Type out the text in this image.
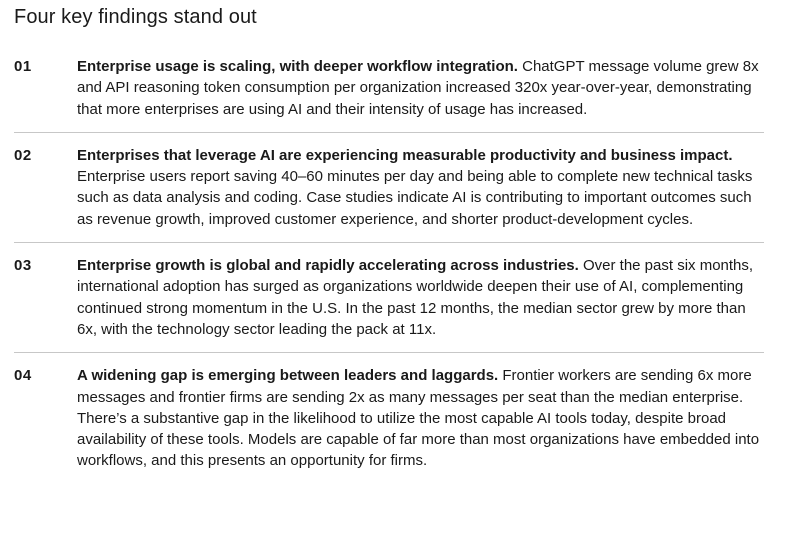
Four key findings stand out
01	Enterprise usage is scaling, with deeper workflow integration. ChatGPT message volume grew 8x and API reasoning token consumption per organization increased 320x year-over-year, demonstrating that more enterprises are using AI and their intensity of usage has increased.
02	Enterprises that leverage AI are experiencing measurable productivity and business impact. Enterprise users report saving 40–60 minutes per day and being able to complete new technical tasks such as data analysis and coding. Case studies indicate AI is contributing to important outcomes such as revenue growth, improved customer experience, and shorter product-development cycles.
03	Enterprise growth is global and rapidly accelerating across industries. Over the past six months, international adoption has surged as organizations worldwide deepen their use of AI, complementing continued strong momentum in the U.S. In the past 12 months, the median sector grew by more than 6x, with the technology sector leading the pack at 11x.
04	A widening gap is emerging between leaders and laggards. Frontier workers are sending 6x more messages and frontier firms are sending 2x as many messages per seat than the median enterprise. There’s a substantive gap in the likelihood to utilize the most capable AI tools today, despite broad availability of these tools. Models are capable of far more than most organizations have embedded into workflows, and this presents an opportunity for firms.
